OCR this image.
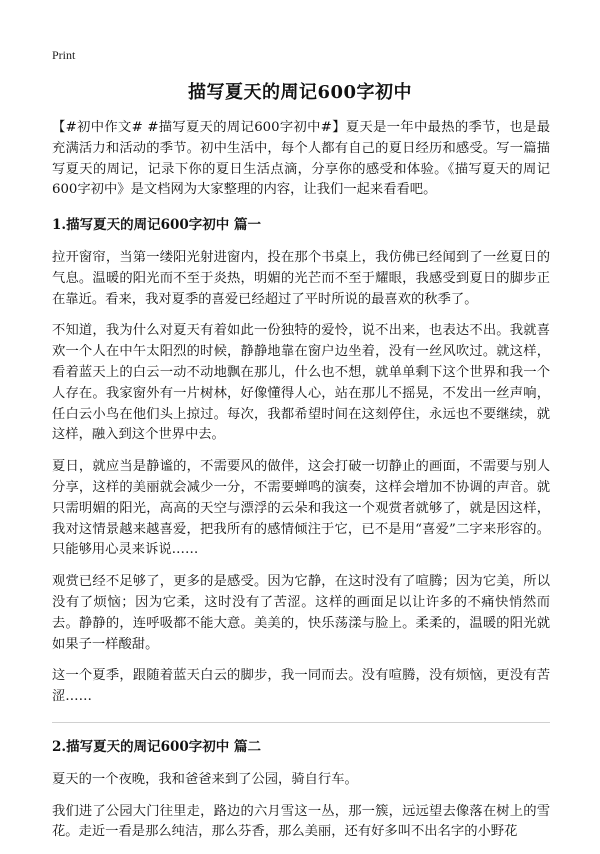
Print
描写夏天的周记600字初中

【#初中作文# #描写夏天的周记600字初中#】夏天是一年中最热的季节，也是最充满活力和活动的季节。初中生活中，每个人都有自己的夏日经历和感受。写一篇描写夏天的周记，记录下你的夏日生活点滴，分享你的感受和体验。《描写夏天的周记600字初中》是文档网为大家整理的内容，让我们一起来看看吧。

1.描写夏天的周记600字初中 篇一

拉开窗帘，当第一缕阳光射进窗内，投在那个书桌上，我仿佛已经闻到了一丝夏日的气息。温暖的阳光而不至于炎热，明媚的光芒而不至于耀眼，我感受到夏日的脚步正在靠近。看来，我对夏季的喜爱已经超过了平时所说的最喜欢的秋季了。

不知道，我为什么对夏天有着如此一份独特的爱怜，说不出来，也表达不出。我就喜欢一个人在中午太阳烈的时候，静静地靠在窗户边坐着，没有一丝风吹过。就这样，看着蓝天上的白云一动不动地飘在那儿，什么也不想，就单单剩下这个世界和我一个人存在。我家窗外有一片树林，好像懂得人心，站在那儿不摇晃，不发出一丝声响，任白云小鸟在他们头上掠过。每次，我都希望时间在这刻停住，永远也不要继续，就这样，融入到这个世界中去。

夏日，就应当是静谧的，不需要风的做伴，这会打破一切静止的画面，不需要与别人分享，这样的美丽就会减少一分，不需要蝉鸣的演奏，这样会增加不协调的声音。就只需明媚的阳光，高高的天空与漂浮的云朵和我这一个观赏者就够了，就是因这样，我对这情景越来越喜爱，把我所有的感情倾注于它，已不是用“喜爱”二字来形容的。只能够用心灵来诉说……

观赏已经不足够了，更多的是感受。因为它静，在这时没有了喧腾；因为它美，所以没有了烦恼；因为它柔，这时没有了苦涩。这样的画面足以让许多的不痛快悄然而去。静静的，连呼吸都不能大意。美美的，快乐荡漾与脸上。柔柔的，温暖的阳光就如果子一样酸甜。

这一个夏季，跟随着蓝天白云的脚步，我一同而去。没有喧腾，没有烦恼，更没有苦涩……

2.描写夏天的周记600字初中 篇二

夏天的一个夜晚，我和爸爸来到了公园，骑自行车。

我们进了公园大门往里走，路边的六月雪这一丛，那一簇，远远望去像落在树上的雪花。走近一看是那么纯洁，那么芬香，那么美丽，还有好多叫不出名字的小野花
